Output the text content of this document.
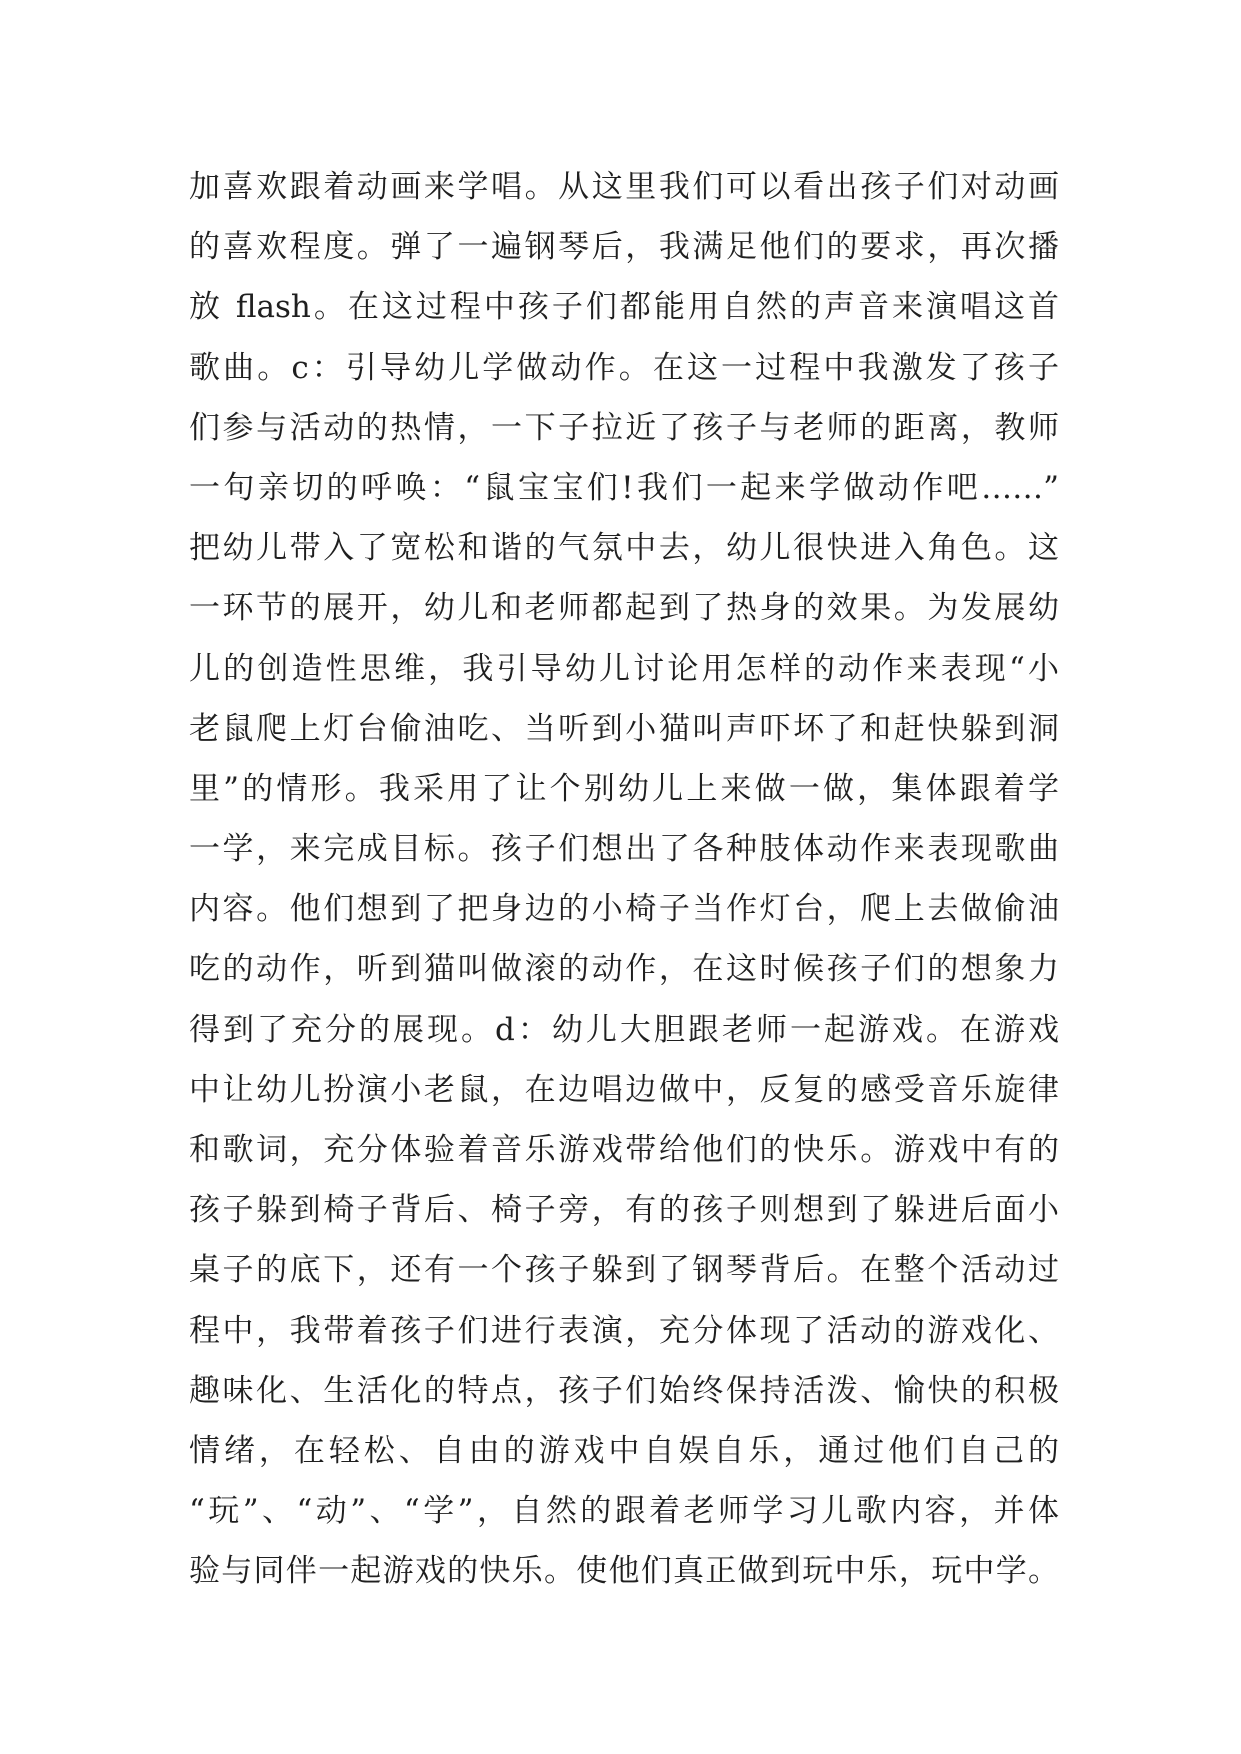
加喜欢跟着动画来学唱。从这里我们可以看出孩子们对动画
的喜欢程度。弹了一遍钢琴后，我满足他们的要求，再次播
放 flash。在这过程中孩子们都能用自然的声音来演唱这首
歌曲。c：引导幼儿学做动作。在这一过程中我激发了孩子
们参与活动的热情，一下子拉近了孩子与老师的距离，教师
一句亲切的呼唤：“鼠宝宝们!我们一起来学做动作吧……”
把幼儿带入了宽松和谐的气氛中去，幼儿很快进入角色。这
一环节的展开，幼儿和老师都起到了热身的效果。为发展幼
儿的创造性思维，我引导幼儿讨论用怎样的动作来表现“小
老鼠爬上灯台偷油吃、当听到小猫叫声吓坏了和赶快躲到洞
里”的情形。我采用了让个别幼儿上来做一做，集体跟着学
一学，来完成目标。孩子们想出了各种肢体动作来表现歌曲
内容。他们想到了把身边的小椅子当作灯台，爬上去做偷油
吃的动作，听到猫叫做滚的动作，在这时候孩子们的想象力
得到了充分的展现。d：幼儿大胆跟老师一起游戏。在游戏
中让幼儿扮演小老鼠，在边唱边做中，反复的感受音乐旋律
和歌词，充分体验着音乐游戏带给他们的快乐。游戏中有的
孩子躲到椅子背后、椅子旁，有的孩子则想到了躲进后面小
桌子的底下，还有一个孩子躲到了钢琴背后。在整个活动过
程中，我带着孩子们进行表演，充分体现了活动的游戏化、
趣味化、生活化的特点，孩子们始终保持活泼、愉快的积极
情绪，在轻松、自由的游戏中自娱自乐，通过他们自己的
“玩”、“动”、“学”，自然的跟着老师学习儿歌内容，并体
验与同伴一起游戏的快乐。使他们真正做到玩中乐，玩中学。
